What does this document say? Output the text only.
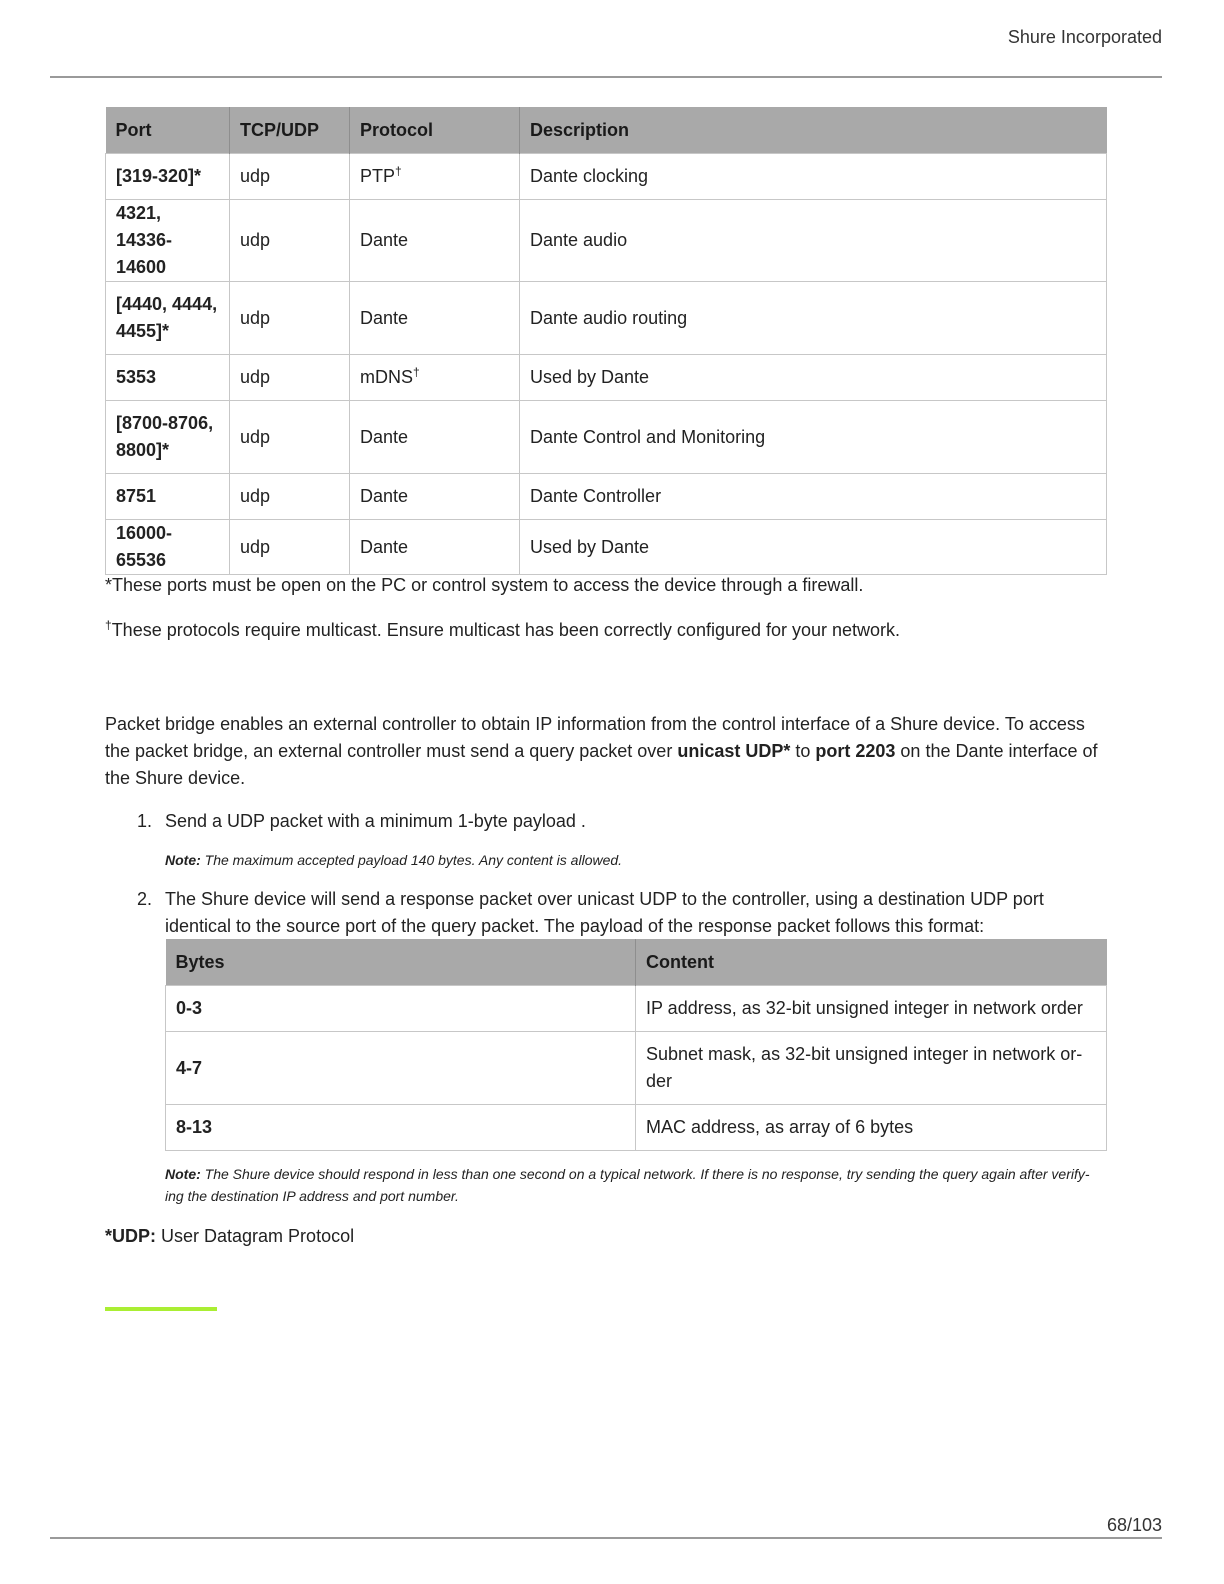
Shure Incorporated
Port	TCP/UDP	Protocol	Description
[319-320]*	udp	PTP†	Dante clocking
4321,
14336-14600	udp	Dante	Dante audio
[4440, 4444,
4455]*	udp	Dante	Dante audio routing
5353	udp	mDNS†	Used by Dante
[8700-8706,
8800]*	udp	Dante	Dante Control and Monitoring
8751	udp	Dante	Dante Controller
16000-65536	udp	Dante	Used by Dante

*These ports must be open on the PC or control system to access the device through a firewall.

†These protocols require multicast. Ensure multicast has been correctly configured for your network.

Packet bridge enables an external controller to obtain IP information from the control interface of a Shure device. To access the packet bridge, an external controller must send a query packet over unicast UDP* to port 2203 on the Dante interface of the Shure device.

1. Send a UDP packet with a minimum 1-byte payload .
Note: The maximum accepted payload 140 bytes. Any content is allowed.
2. The Shure device will send a response packet over unicast UDP to the controller, using a destination UDP port identical to the source port of the query packet. The payload of the response packet follows this format:
Bytes	Content
0-3	IP address, as 32-bit unsigned integer in network order
4-7	Subnet mask, as 32-bit unsigned integer in network or-
der
8-13	MAC address, as array of 6 bytes
Note: The Shure device should respond in less than one second on a typical network. If there is no response, try sending the query again after verify-
ing the destination IP address and port number.
*UDP: User Datagram Protocol
68/103
